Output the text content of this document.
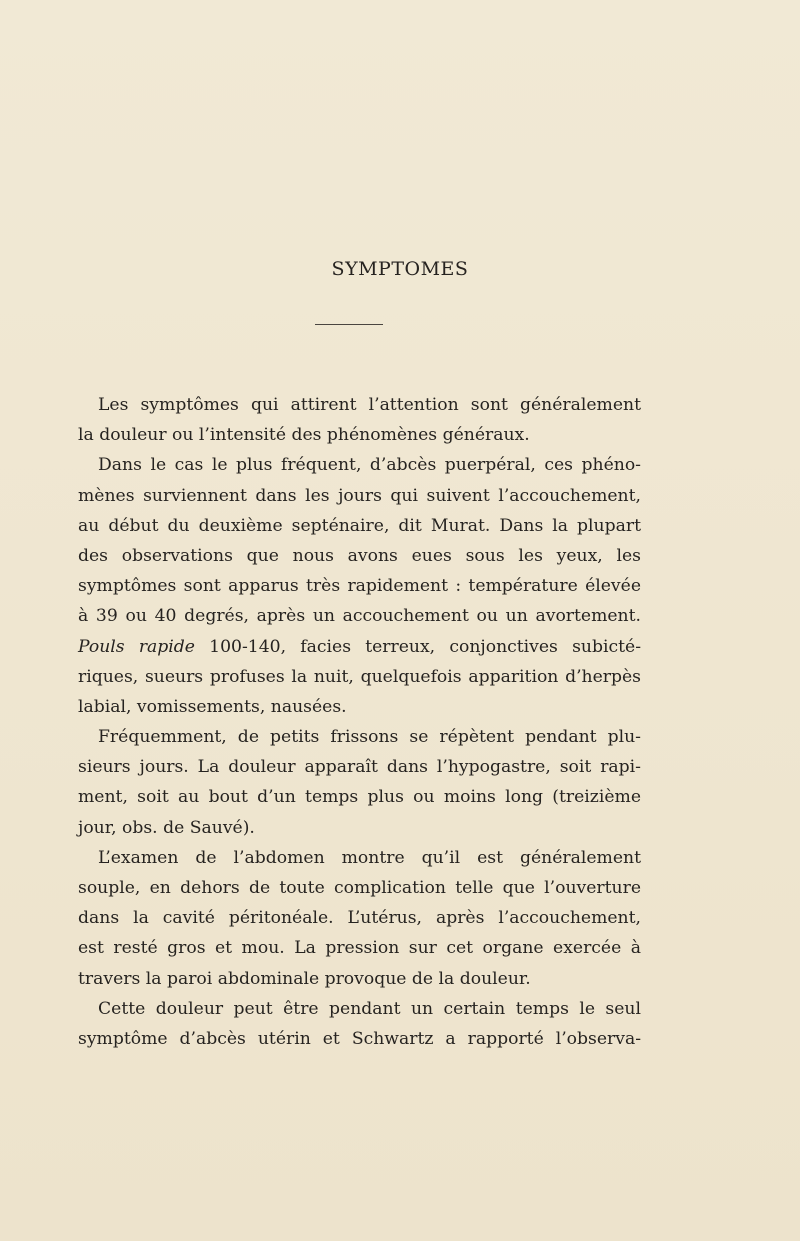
SYMPTOMES
Les symptômes qui attirent l’attention sont généralement
la douleur ou l’intensité des phénomènes généraux.
Dans le cas le plus fréquent, d’abcès puerpéral, ces phéno-
mènes surviennent dans les jours qui suivent l’accouchement,
au début du deuxième septénaire, dit Murat. Dans la plupart
des observations que nous avons eues sous les yeux, les
symptômes sont apparus très rapidement : température élevée
à 39 ou 40 degrés, après un accouchement ou un avortement.
Pouls rapide 100-140, facies terreux, conjonctives subicté-
riques, sueurs profuses la nuit, quelquefois apparition d’herpès
labial, vomissements, nausées.
Fréquemment, de petits frissons se répètent pendant plu-
sieurs jours. La douleur apparaît dans l’hypogastre, soit rapi-
ment, soit au bout d’un temps plus ou moins long (treizième
jour, obs. de Sauvé).
L’examen de l’abdomen montre qu’il est généralement
souple, en dehors de toute complication telle que l’ouverture
dans la cavité péritonéale. L’utérus, après l’accouchement,
est resté gros et mou. La pression sur cet organe exercée à
travers la paroi abdominale provoque de la douleur.
Cette douleur peut être pendant un certain temps le seul
symptôme d’abcès utérin et Schwartz a rapporté l’observa-
